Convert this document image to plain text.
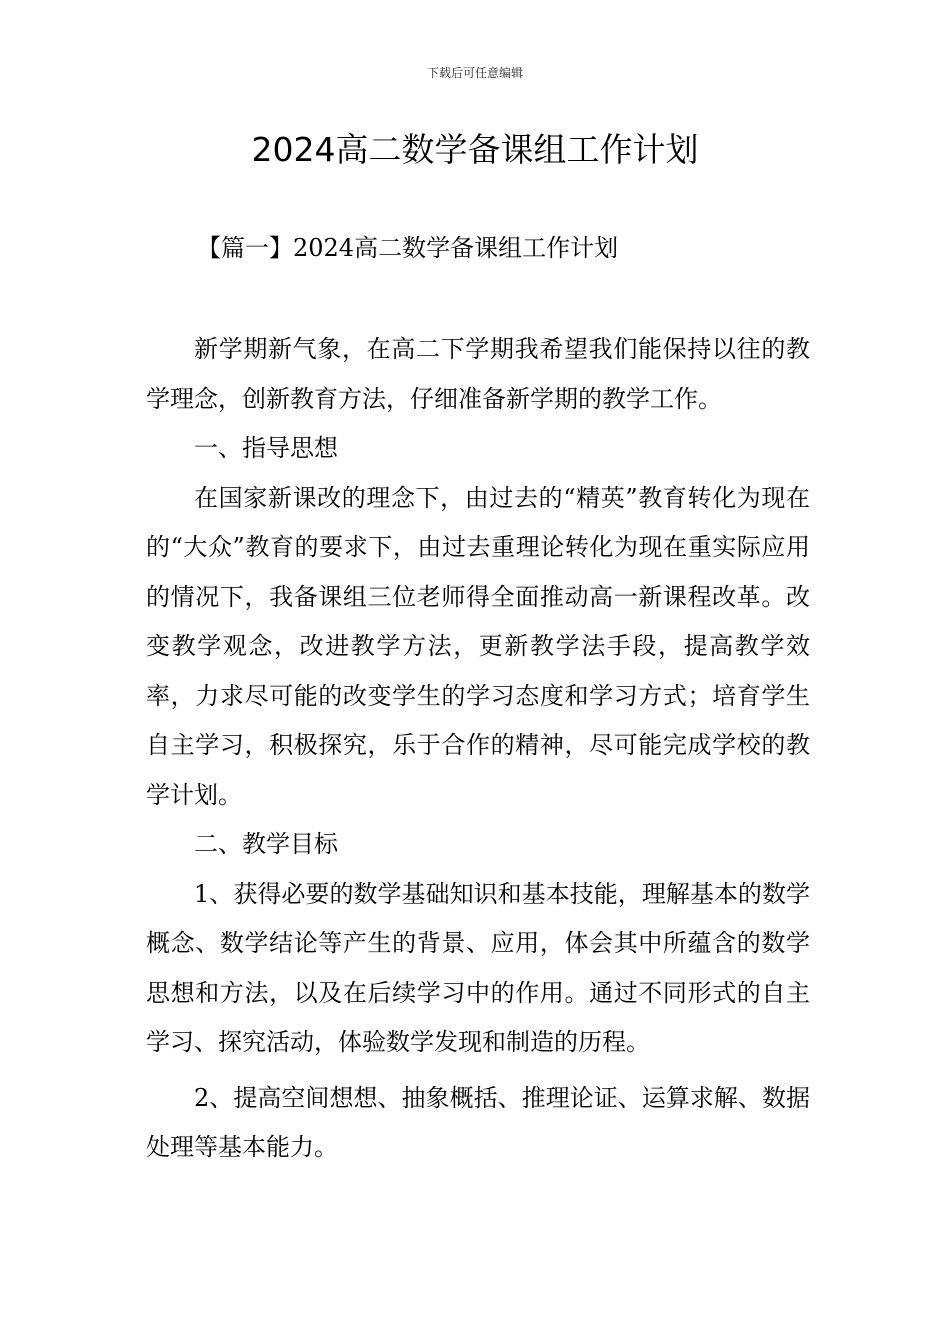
下载后可任意编辑
2024高二数学备课组工作计划
【篇一】2024高二数学备课组工作计划

新学期新气象，在高二下学期我希望我们能保持以往的教学理念，创新教育方法，仔细准备新学期的教学工作。

一、指导思想

在国家新课改的理念下，由过去的“精英”教育转化为现在的“大众”教育的要求下，由过去重理论转化为现在重实际应用的情况下，我备课组三位老师得全面推动高一新课程改革。改变教学观念，改进教学方法，更新教学法手段，提高教学效率，力求尽可能的改变学生的学习态度和学习方式；培育学生自主学习，积极探究，乐于合作的精神，尽可能完成学校的教学计划。

二、教学目标

1、获得必要的数学基础知识和基本技能，理解基本的数学概念、数学结论等产生的背景、应用，体会其中所蕴含的数学思想和方法，以及在后续学习中的作用。通过不同形式的自主学习、探究活动，体验数学发现和制造的历程。

2、提高空间想想、抽象概括、推理论证、运算求解、数据处理等基本能力。
